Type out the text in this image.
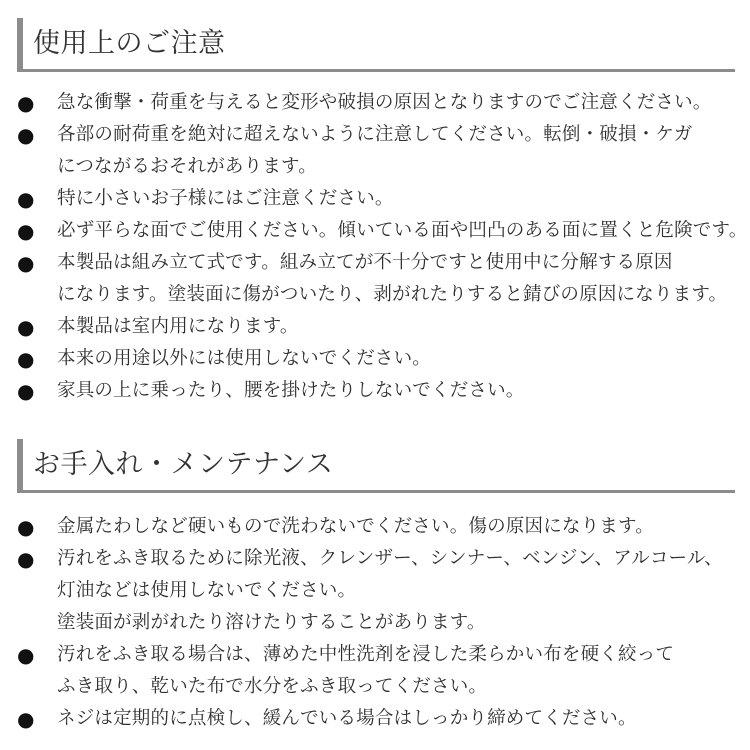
使用上のご注意
● 急な衝撃・荷重を与えると変形や破損の原因となりますのでご注意ください。
● 各部の耐荷重を絶対に超えないように注意してください。転倒・破損・ケガ
につながるおそれがあります。
● 特に小さいお子様にはご注意ください。
● 必ず平らな面でご使用ください。傾いている面や凹凸のある面に置くと危険です。
● 本製品は組み立て式です。組み立てが不十分ですと使用中に分解する原因
になります。塗装面に傷がついたり、剥がれたりすると錆びの原因になります。
● 本製品は室内用になります。
● 本来の用途以外には使用しないでください。
● 家具の上に乗ったり、腰を掛けたりしないでください。
お手入れ・メンテナンス
● 金属たわしなど硬いもので洗わないでください。傷の原因になります。
● 汚れをふき取るために除光液、クレンザー、シンナー、ベンジン、アルコール、
灯油などは使用しないでください。
塗装面が剥がれたり溶けたりすることがあります。
● 汚れをふき取る場合は、薄めた中性洗剤を浸した柔らかい布を硬く絞って
ふき取り、乾いた布で水分をふき取ってください。
● ネジは定期的に点検し、緩んでいる場合はしっかり締めてください。
